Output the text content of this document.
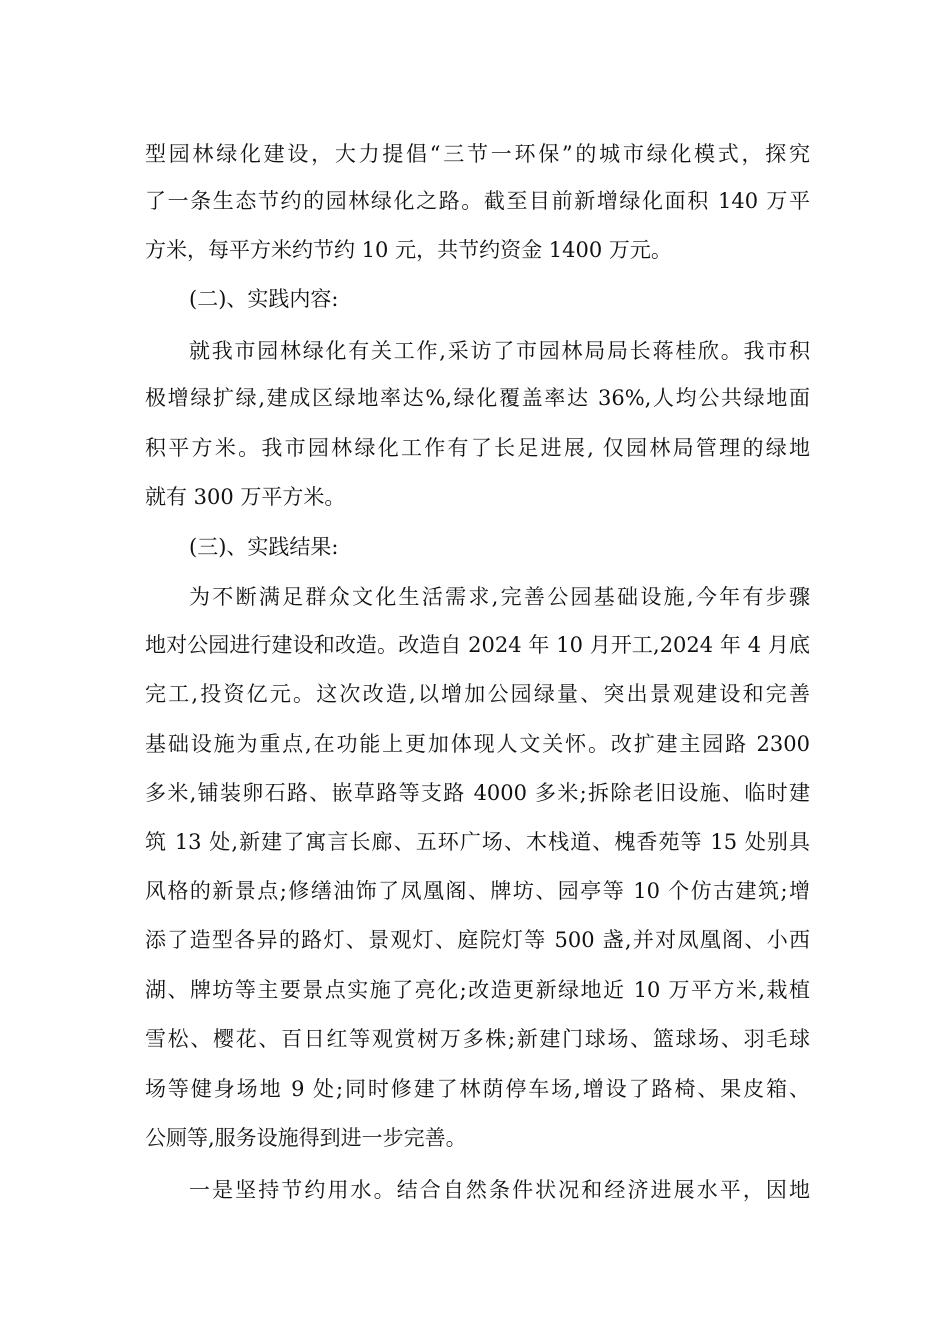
型园林绿化建设，大力提倡“三节一环保”的城市绿化模式，探究
了一条生态节约的园林绿化之路。截至目前新增绿化面积 140 万平
方米，每平方米约节约 10 元，共节约资金 1400 万元。
(二)、实践内容:
就我市园林绿化有关工作,采访了市园林局局长蒋桂欣。我市积
极增绿扩绿,建成区绿地率达%,绿化覆盖率达 36%,人均公共绿地面
积平方米。我市园林绿化工作有了长足进展, 仅园林局管理的绿地
就有 300 万平方米。
(三)、实践结果:
为不断满足群众文化生活需求,完善公园基础设施,今年有步骤
地对公园进行建设和改造。改造自 2024 年 10 月开工,2024 年 4 月底
完工,投资亿元。这次改造,以增加公园绿量、突出景观建设和完善
基础设施为重点,在功能上更加体现人文关怀。改扩建主园路 2300
多米,铺装卵石路、嵌草路等支路 4000 多米;拆除老旧设施、临时建
筑 13 处,新建了寓言长廊、五环广场、木栈道、槐香苑等 15 处别具
风格的新景点;修缮油饰了凤凰阁、牌坊、园亭等 10 个仿古建筑;增
添了造型各异的路灯、景观灯、庭院灯等 500 盏,并对凤凰阁、小西
湖、牌坊等主要景点实施了亮化;改造更新绿地近 10 万平方米,栽植
雪松、樱花、百日红等观赏树万多株;新建门球场、篮球场、羽毛球
场等健身场地 9 处;同时修建了林荫停车场,增设了路椅、果皮箱、
公厕等,服务设施得到进一步完善。
一是坚持节约用水。结合自然条件状况和经济进展水平，因地
